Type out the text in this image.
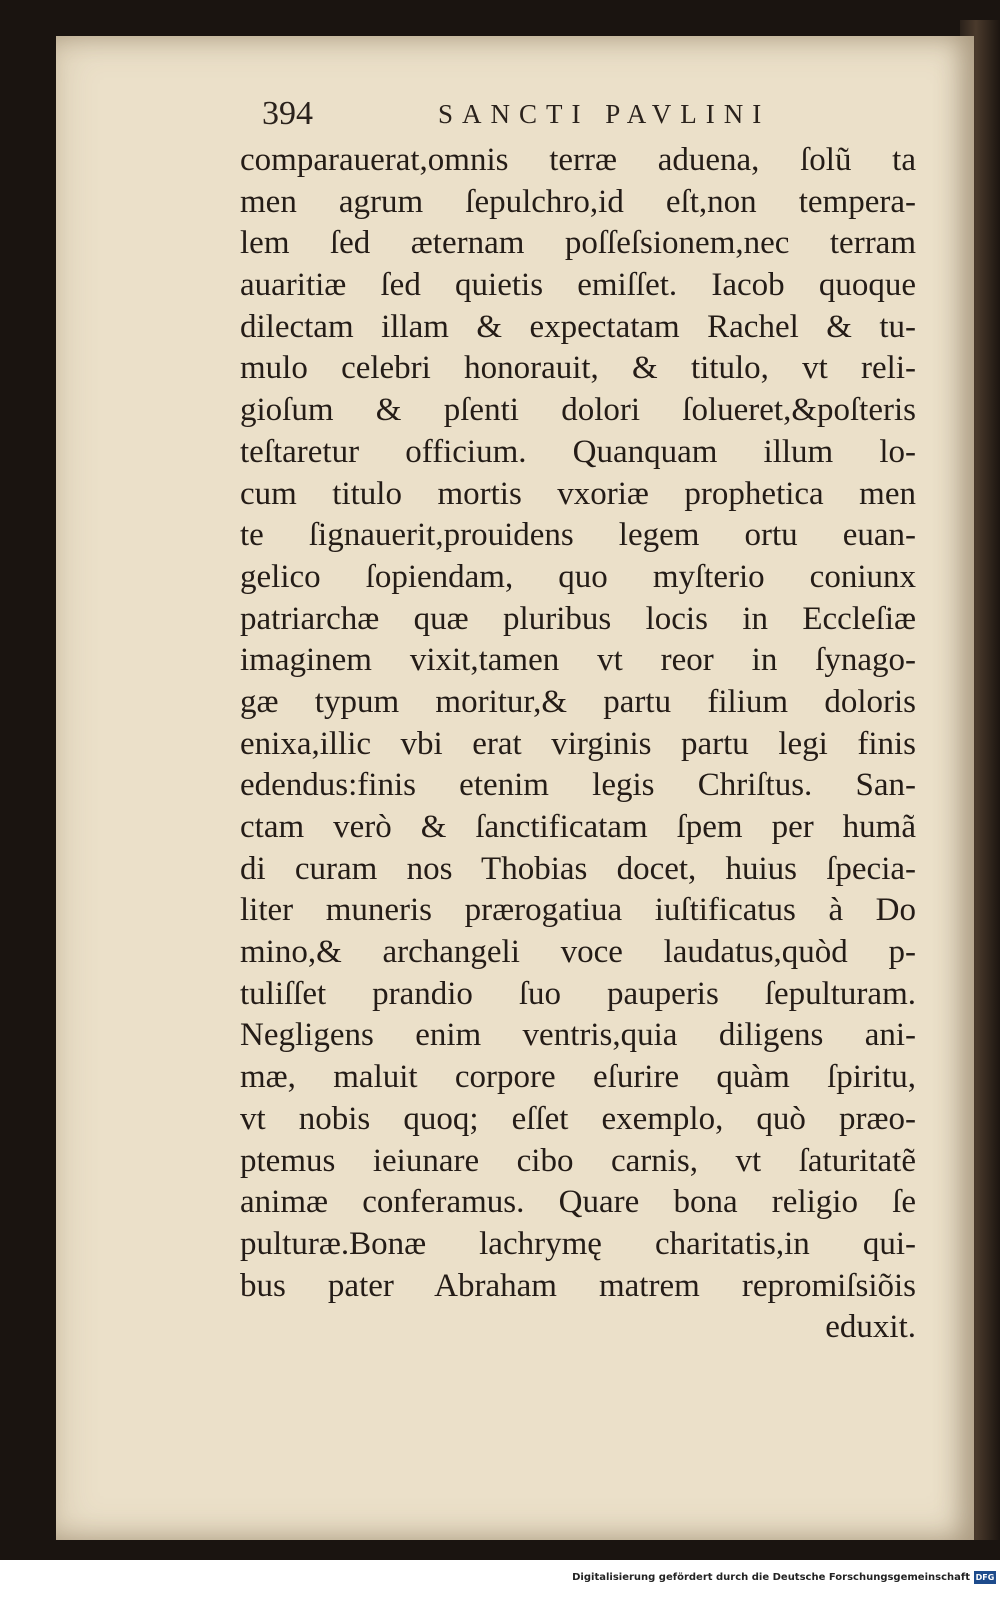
394	SANCTI PAVLINI
comparauerat,omnis terræ aduena, ſolũ ta
men agrum ſepulchro,id eſt,non tempera-
lem ſed æternam poſſeſsionem,nec terram
auaritiæ ſed quietis emiſſet. Iacob quoque
dilectam illam & expectatam Rachel & tu-
mulo celebri honorauit, & titulo, vt reli-
gioſum & pſenti dolori ſolueret,&poſteris
teſtaretur officium. Quanquam illum lo-
cum titulo mortis vxoriæ prophetica men
te ſignauerit,prouidens legem ortu euan-
gelico ſopiendam, quo myſterio coniunx
patriarchæ quæ pluribus locis in Eccleſiæ
imaginem vixit,tamen vt reor in ſynago-
gæ typum moritur,& partu filium doloris
enixa,illic vbi erat virginis partu legi finis
edendus:finis etenim legis Chriſtus. San-
ctam verò & ſanctificatam ſpem per humã
di curam nos Thobias docet, huius ſpecia-
liter muneris prærogatiua iuſtificatus à Do
mino,& archangeli voce laudatus,quòd p-
tuliſſet prandio ſuo pauperis ſepulturam.
Negligens enim ventris,quia diligens ani-
mæ, maluit corpore eſurire quàm ſpiritu,
vt nobis quoq; eſſet exemplo, quò præo-
ptemus ieiunare cibo carnis, vt ſaturitatẽ
animæ conferamus. Quare bona religio ſe
pulturæ.Bonæ lachrymę charitatis,in qui-
bus pater Abraham matrem repromiſsiõis
eduxit.
Digitalisierung gefördert durch die Deutsche Forschungsgemeinschaft DFG
